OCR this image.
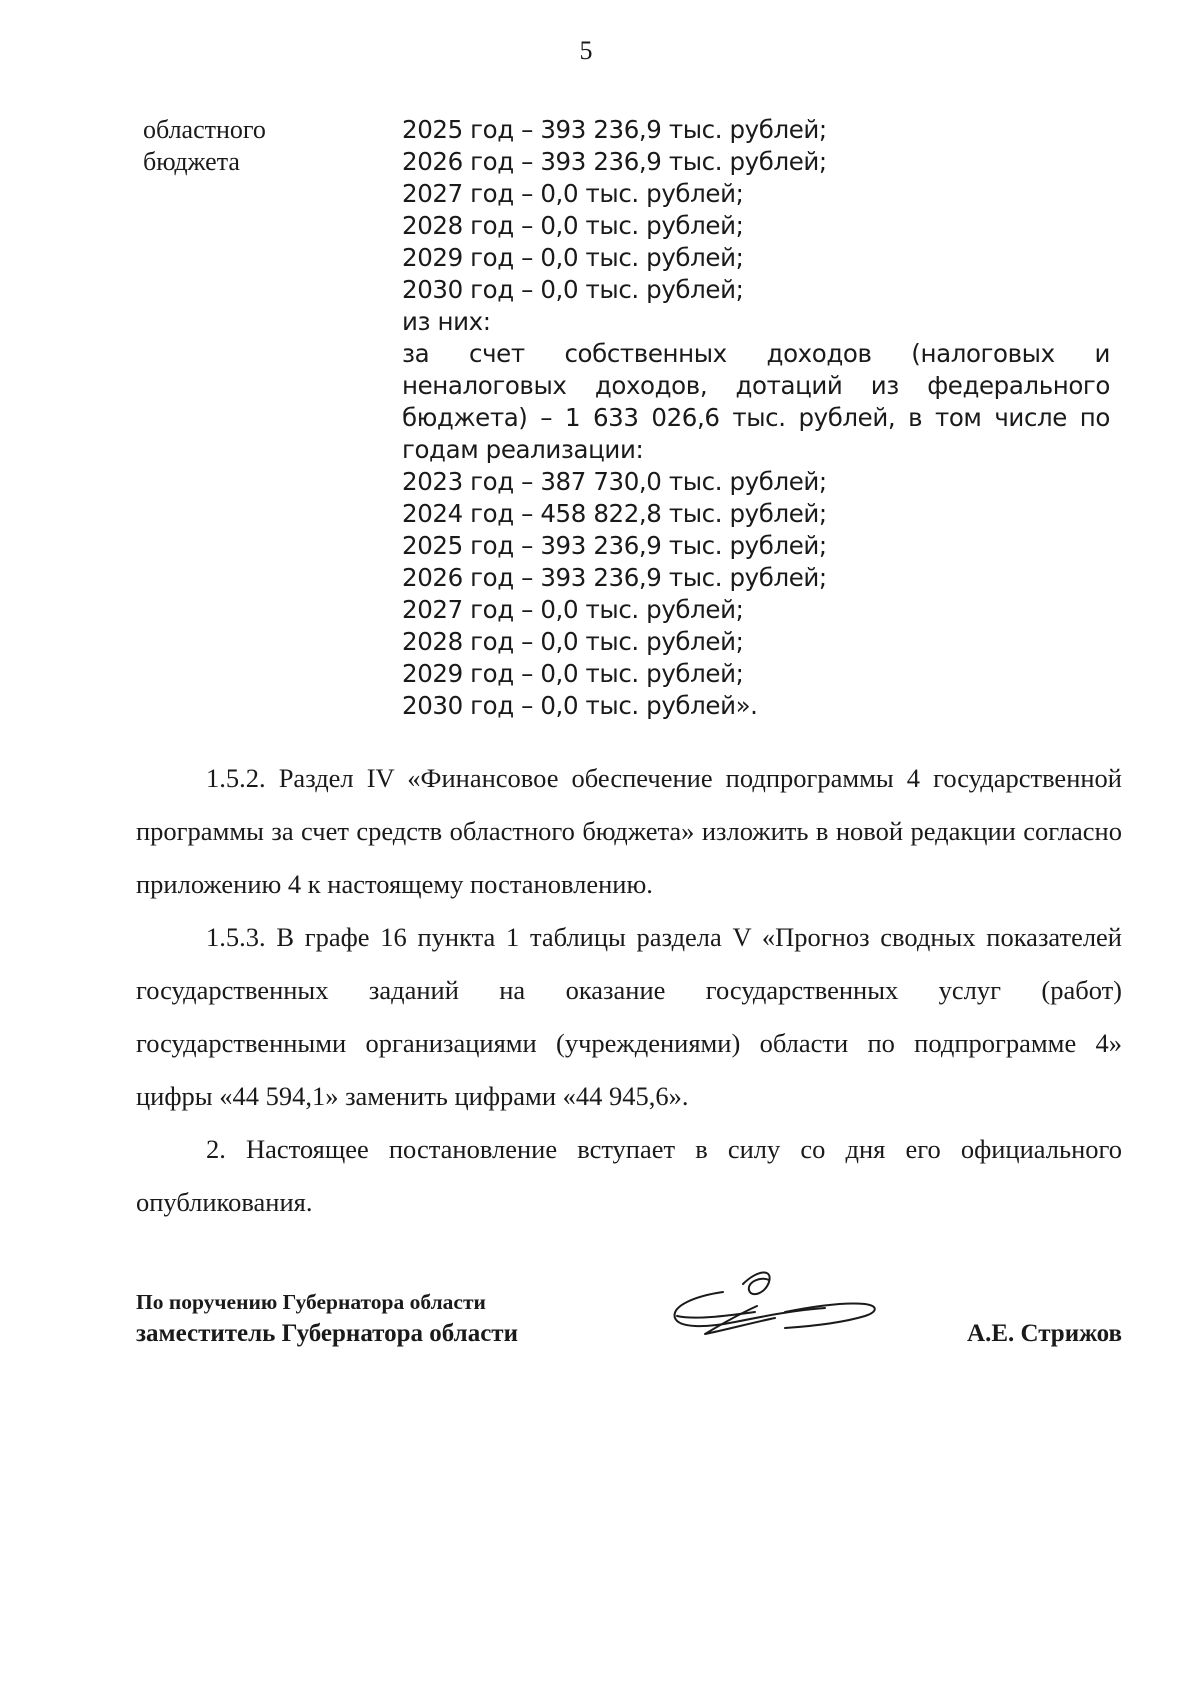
5
областного
бюджета
2025 год – 393 236,9 тыс. рублей;
2026 год – 393 236,9 тыс. рублей;
2027 год – 0,0 тыс. рублей;
2028 год – 0,0 тыс. рублей;
2029 год – 0,0 тыс. рублей;
2030 год – 0,0 тыс. рублей;
из них:
за счет собственных доходов (налоговых и неналоговых доходов, дотаций из федерального бюджета) – 1 633 026,6 тыс. рублей, в том числе по годам реализации:
2023 год – 387 730,0 тыс. рублей;
2024 год – 458 822,8 тыс. рублей;
2025 год – 393 236,9 тыс. рублей;
2026 год – 393 236,9 тыс. рублей;
2027 год – 0,0 тыс. рублей;
2028 год – 0,0 тыс. рублей;
2029 год – 0,0 тыс. рублей;
2030 год – 0,0 тыс. рублей».

1.5.2. Раздел IV «Финансовое обеспечение подпрограммы 4 государственной программы за счет средств областного бюджета» изложить в новой редакции согласно приложению 4 к настоящему постановлению.

1.5.3. В графе 16 пункта 1 таблицы раздела V «Прогноз сводных показателей государственных заданий на оказание государственных услуг (работ) государственными организациями (учреждениями) области по подпрограмме 4» цифры «44 594,1» заменить цифрами «44 945,6».

2. Настоящее постановление вступает в силу со дня его официального опубликования.

По поручению Губернатора области
заместитель Губернатора области	А.Е. Стрижов
